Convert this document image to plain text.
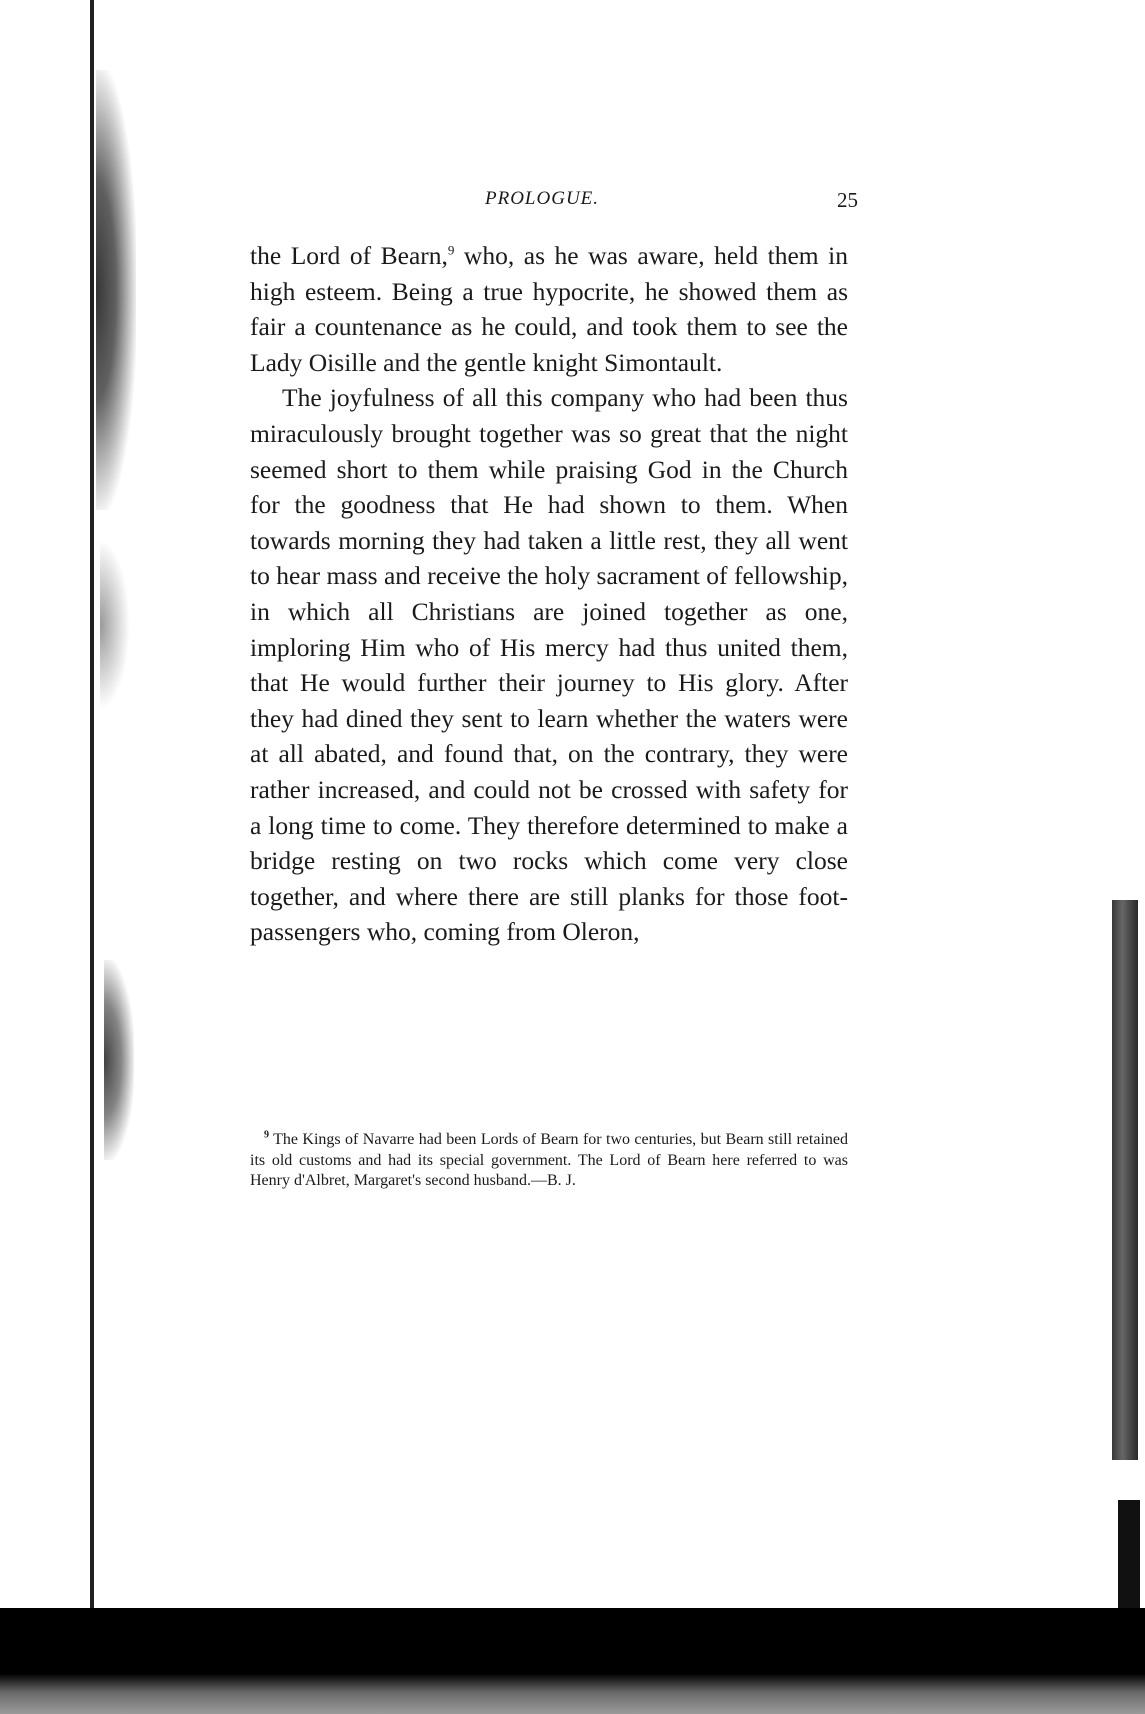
PROLOGUE.	25

the Lord of Bearn,$^9$ who, as he was aware, held them in high esteem. Being a true hypocrite, he showed them as fair a countenance as he could, and took them to see the Lady Oisille and the gentle knight Simontault.

The joyfulness of all this company who had been thus miraculously brought together was so great that the night seemed short to them while praising God in the Church for the goodness that He had shown to them. When towards morning they had taken a little rest, they all went to hear mass and receive the holy sacrament of fellowship, in which all Christians are joined together as one, imploring Him who of His mercy had thus united them, that He would further their journey to His glory. After they had dined they sent to learn whether the waters were at all abated, and found that, on the contrary, they were rather increased, and could not be crossed with safety for a long time to come. They therefore determined to make a bridge resting on two rocks which come very close together, and where there are still planks for those foot-passengers who, coming from Oleron,

$^9$ The Kings of Navarre had been Lords of Bearn for two centuries, but Bearn still retained its old customs and had its special government. The Lord of Bearn here referred to was Henry d'Albret, Margaret's second husband.—B. J.
